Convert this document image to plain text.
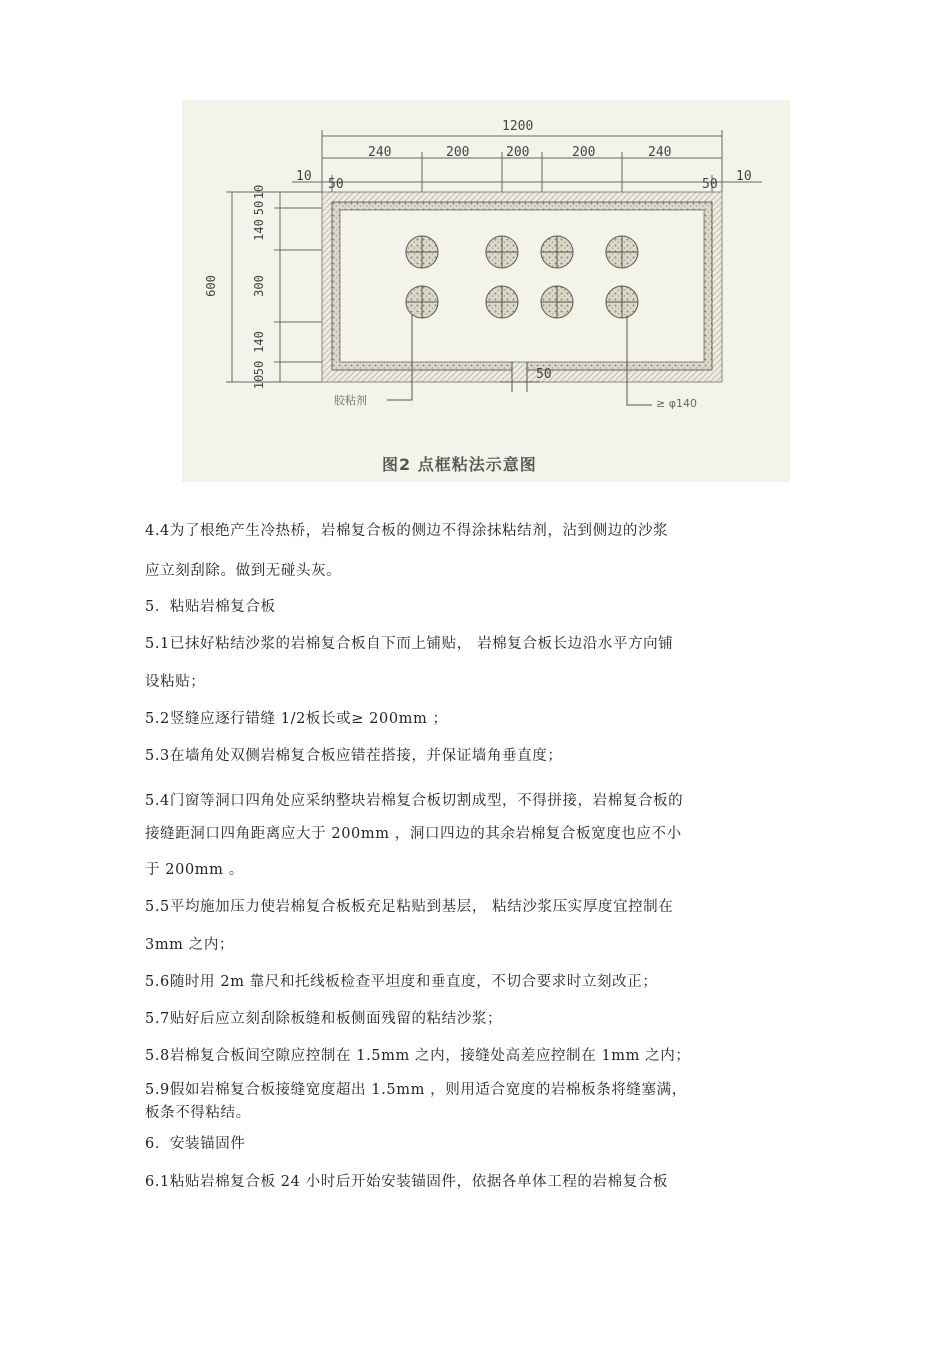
1200
240	200	200	200	240
10
50	50
10
600
10
50
140
300
140
50
10	50
胶粘剂	≥ φ140
图2 点框粘法示意图
4.4为了根绝产生冷热桥，岩棉复合板的侧边不得涂抹粘结剂，沾到侧边的沙浆
应立刻刮除。做到无碰头灰。
5．粘贴岩棉复合板
5.1已抹好粘结沙浆的岩棉复合板自下而上铺贴， 岩棉复合板长边沿水平方向铺
设粘贴；
5.2竖缝应逐行错缝 1/2板长或≥ 200mm ；
5.3在墙角处双侧岩棉复合板应错茬搭接，并保证墙角垂直度；
5.4门窗等洞口四角处应采纳整块岩棉复合板切割成型，不得拼接，岩棉复合板的
接缝距洞口四角距离应大于 200mm ，洞口四边的其余岩棉复合板宽度也应不小
于 200mm 。
5.5平均施加压力使岩棉复合板板充足粘贴到基层， 粘结沙浆压实厚度宜控制在
3mm 之内；
5.6随时用 2m 靠尺和托线板检查平坦度和垂直度，不切合要求时立刻改正；
5.7贴好后应立刻刮除板缝和板侧面残留的粘结沙浆；
5.8岩棉复合板间空隙应控制在 1.5mm 之内，接缝处高差应控制在 1mm 之内；
5.9假如岩棉复合板接缝宽度超出 1.5mm ，则用适合宽度的岩棉板条将缝塞满，
板条不得粘结。
6．安装锚固件
6.1粘贴岩棉复合板 24 小时后开始安装锚固件，依据各单体工程的岩棉复合板
